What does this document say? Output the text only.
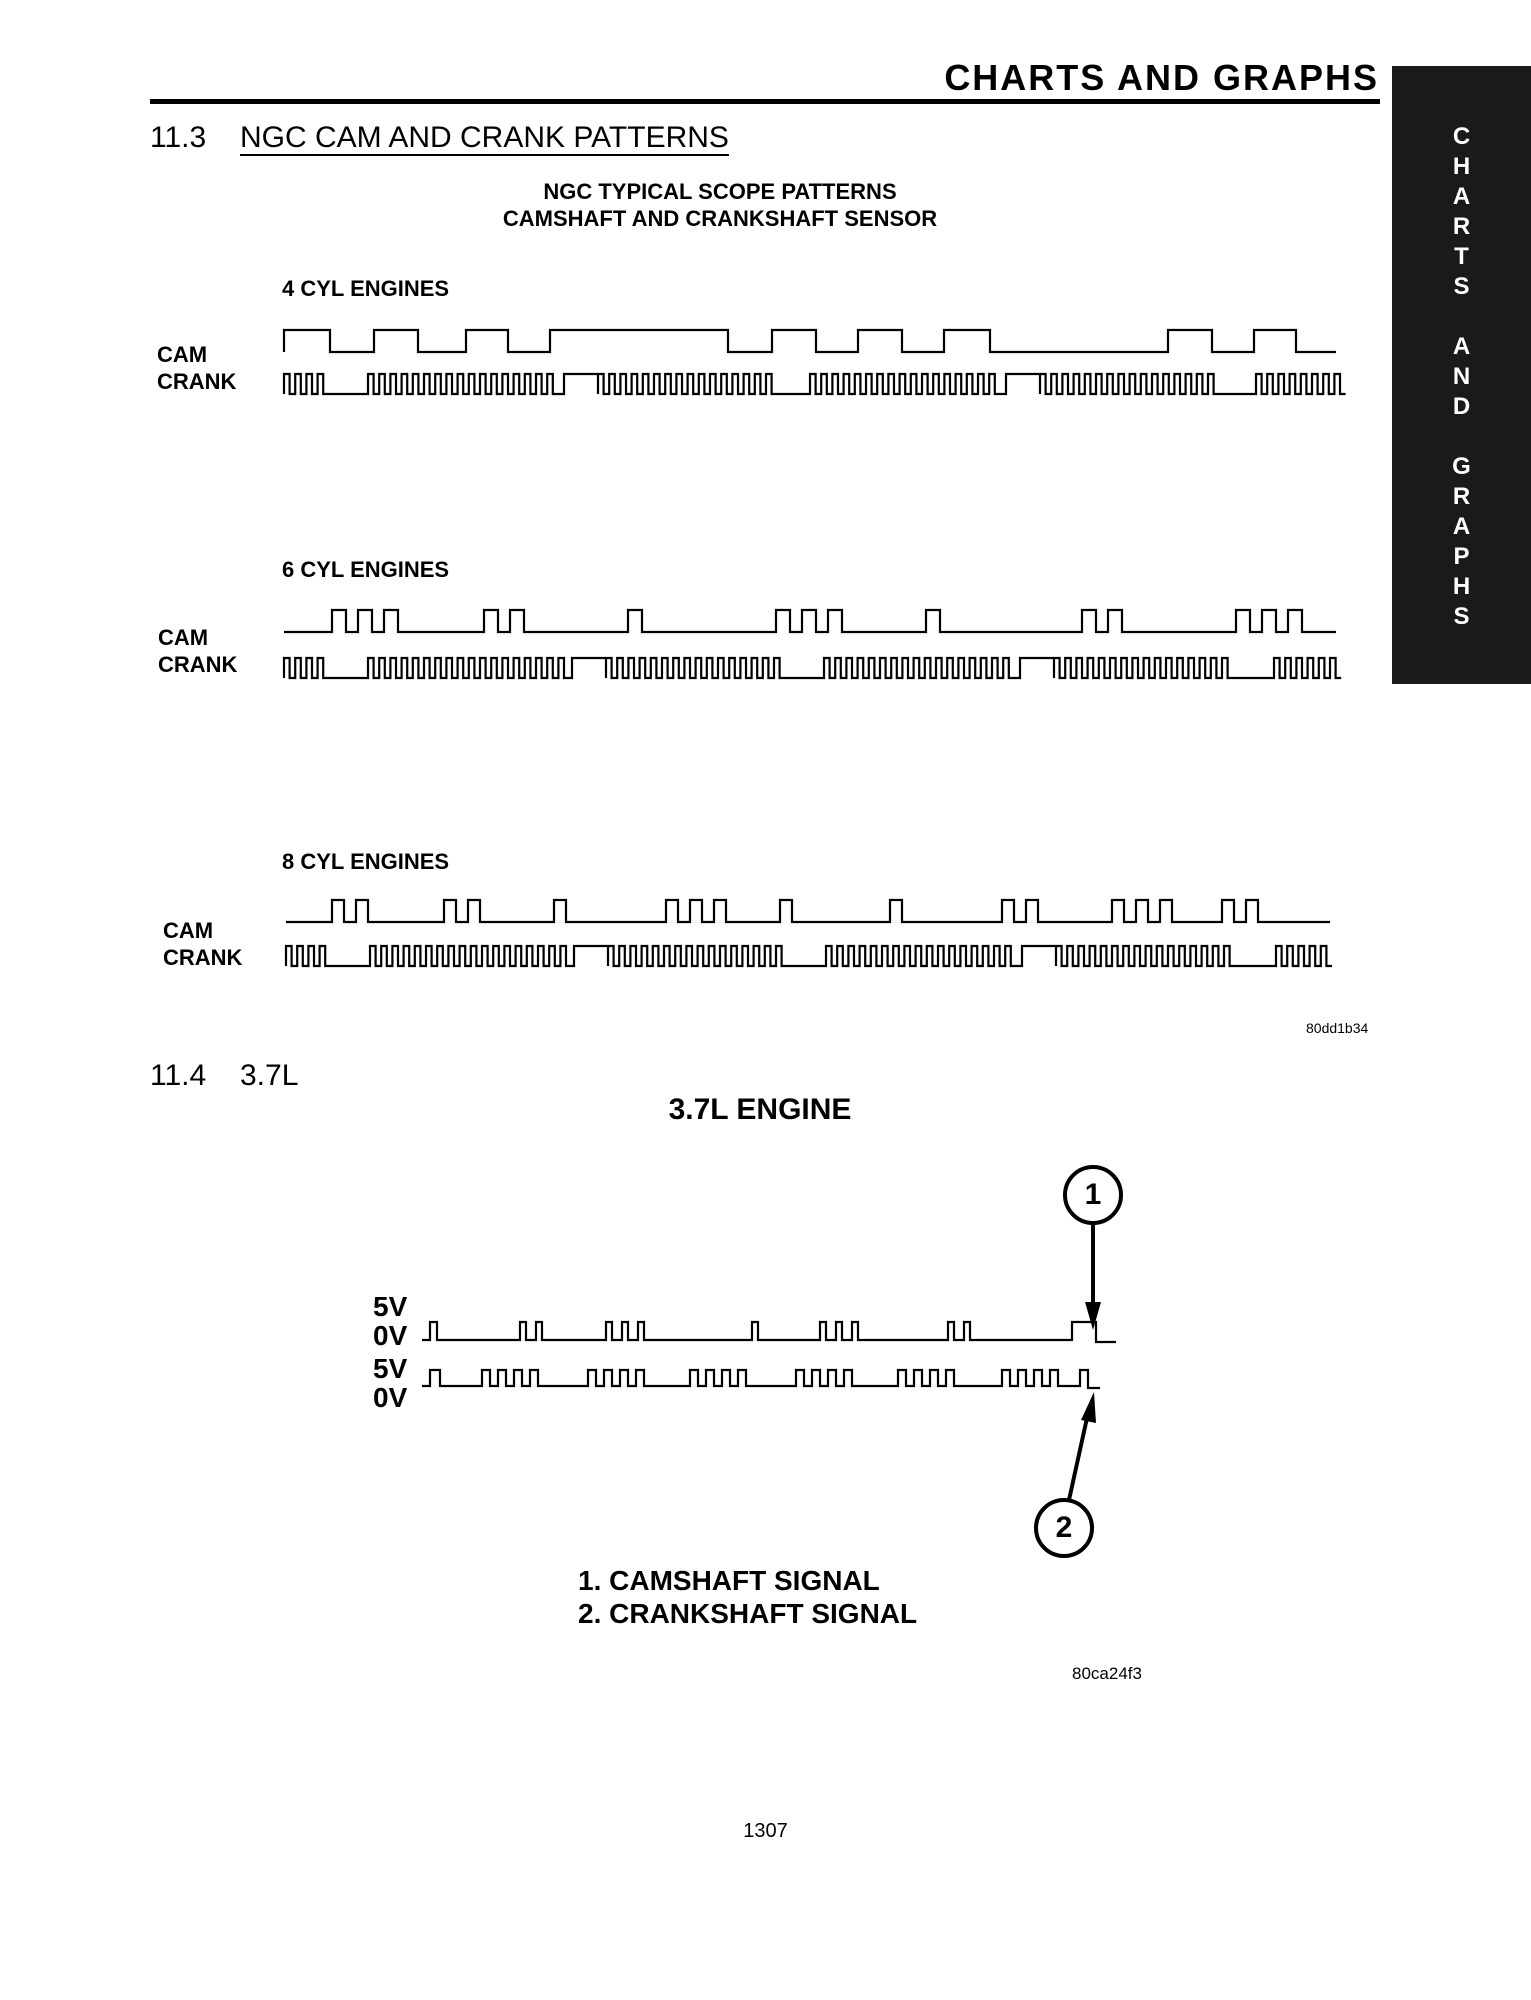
CHARTS AND GRAPHS
C
H
A
R
T
S

A
N
D

G
R
A
P
H
S
11.3 NGC CAM AND CRANK PATTERNS
NGC TYPICAL SCOPE PATTERNS
CAMSHAFT AND CRANKSHAFT SENSOR
4 CYL ENGINES
CAM
CRANK
6 CYL ENGINES
CAM
CRANK
8 CYL ENGINES
CAM
CRANK
80dd1b34
11.4 3.7L
3.7L ENGINE
5V
0V
5V
0V
1
2
1. CAMSHAFT SIGNAL
2. CRANKSHAFT SIGNAL
80ca24f3
1307
